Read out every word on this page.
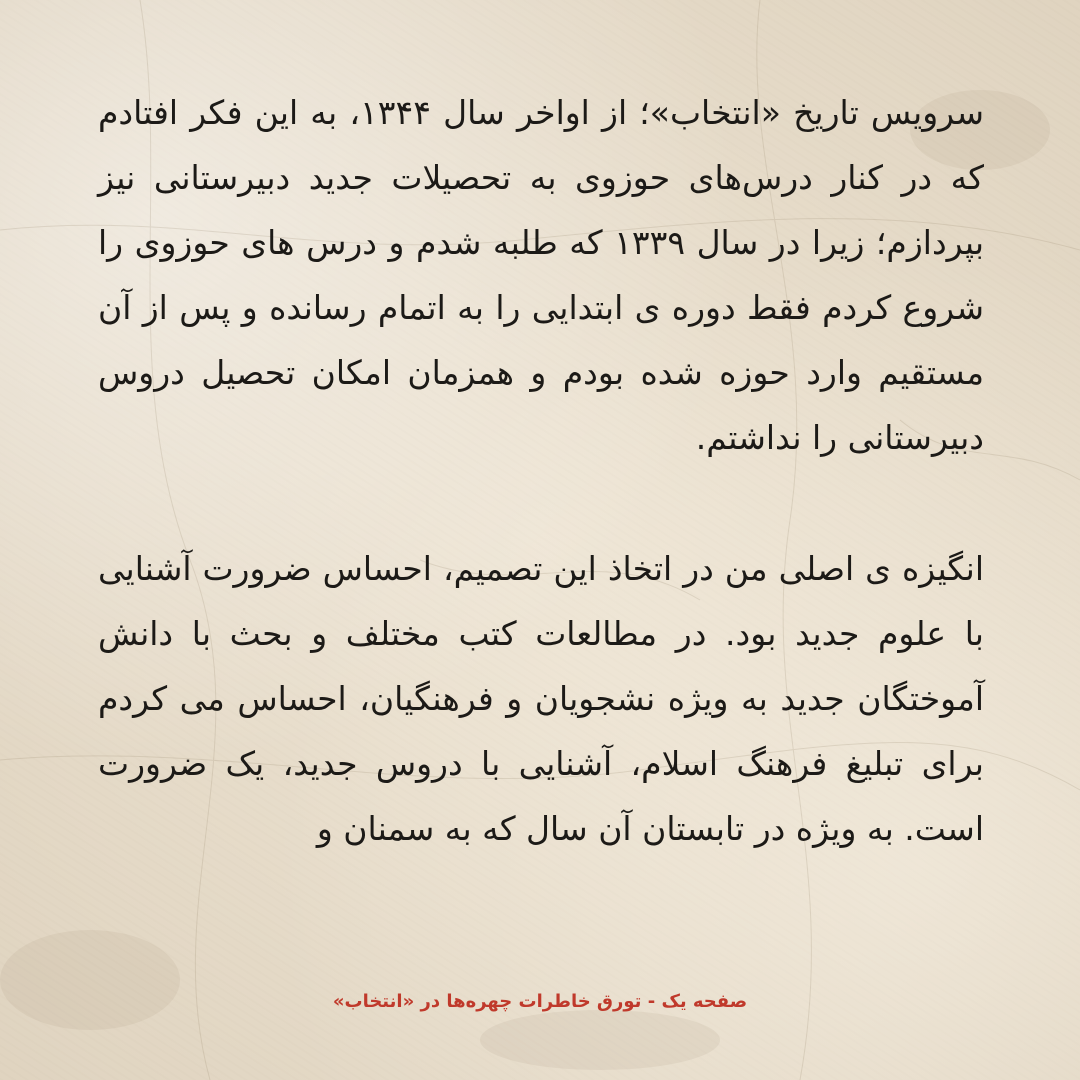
سرویس تاریخ «انتخاب»؛ از اواخر سال ۱۳۴۴، به این فکر افتادم که در کنار درس‌های حوزوی به تحصیلات جدید دبیرستانی نیز بپردازم؛ زیرا در سال ۱۳۳۹ که طلبه شدم و درس های حوزوی را شروع کردم فقط دوره ی ابتدایی را به اتمام رسانده و پس از آن مستقیم وارد حوزه شده بودم و همزمان امکان تحصیل دروس دبیرستانی را نداشتم.

انگیزه ی اصلی من در اتخاذ این تصمیم، احساس ضرورت آشنایی با علوم جدید بود. در مطالعات کتب مختلف و بحث با دانش آموختگان جدید به ویژه نشجویان و فرهنگیان، احساس می کردم برای تبلیغ فرهنگ اسلام، آشنایی با دروس جدید، یک ضرورت است. به ویژه در تابستان آن سال که به سمنان و

صفحه یک - تورق خاطرات چهره‌ها در «انتخاب»
